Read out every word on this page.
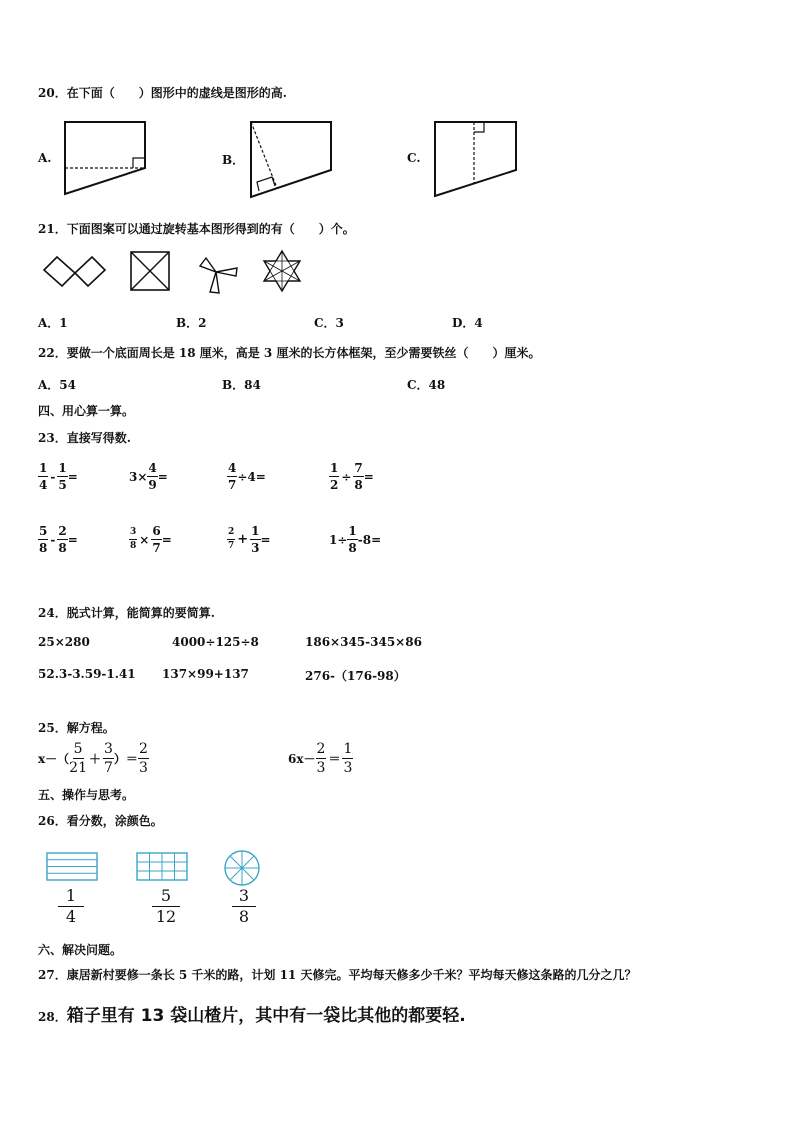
20．在下面（　　）图形中的虚线是图形的高.
A.	B．	C.
21．下面图案可以通过旋转基本图形得到的有（　　）个。
A．1	B．2	C．3	D．4
22．要做一个底面周长是 18 厘米，高是 3 厘米的长方体框架，至少需要铁丝（　　）厘米。
A．54	B．84	C．48
四、用心算一算。
23．直接写得数.
$\frac{1}{4} - \frac{1}{5}$ =	$3\times \frac{4}{9}$ =	$\frac{4}{7} \div 4=$	$\frac{1}{2} \div \frac{7}{8}$ =
$\frac{5}{8} - \frac{2}{8}$ =	$\frac{3}{8} \times \frac{6}{7}$ =	$\frac{2}{7} + \frac{1}{3}$ =	$1\div \frac{1}{8} -8=$
24．脱式计算，能简算的要简算.
25×280	4000÷125÷8	186×345-345×86
52.3-3.59-1.41 137×99+137	276-（176-98）
25．解方程。
$x-( \frac{5}{21} + \frac{3}{7}$ ）＝ $\frac{2}{3}$	$6x- \frac{2}{3} = \frac{1}{3}$
五、操作与思考。
26．看分数，涂颜色。
$\frac{1}{4}$	$\frac{5}{12}$	$\frac{3}{8}$
六、解决问题。
27．康居新村要修一条长 5 千米的路，计划 11 天修完。平均每天修多少千米？平均每天修这条路的几分之几？
28． 箱子里有 13 袋山楂片，其中有一袋比其他的都要轻.
